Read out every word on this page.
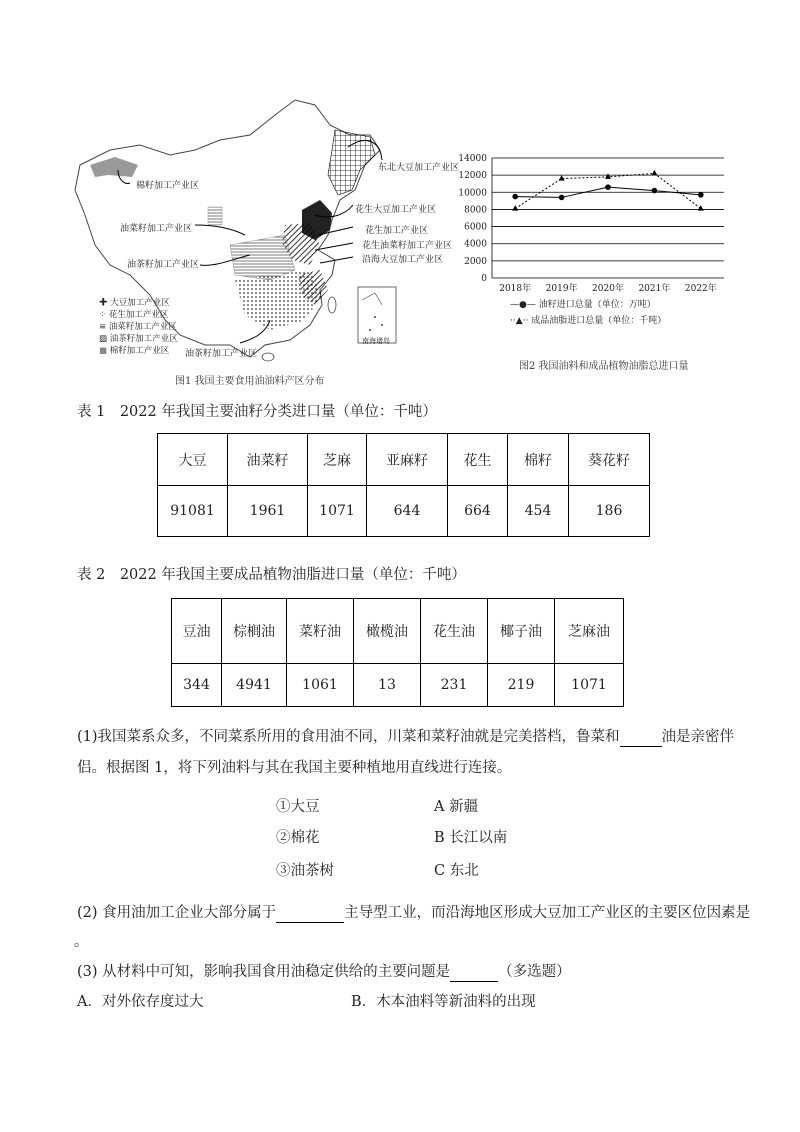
棉籽加工产业区
东北大豆加工产业区
花生大豆加工产业区
油菜籽加工产业区	花生加工产业区
花生油菜籽加工产业区
沿海大豆加工产业区
油茶籽加工产业区
油茶籽加工产业区
南海诸岛
✚ 大豆加工产业区
⁘ 花生加工产业区
≡ 油菜籽加工产业区
▨ 油茶籽加工产业区
■ 棉籽加工产业区
图1 我国主要食用油油料产区分布
0
2000
4000
6000
8000
10000
12000
14000
2018年 2019年 2020年 2021年 2022年
—●— 油籽进口总量（单位：万吨）
··▲·· 成品油脂进口总量（单位：千吨）
图2 我国油料和成品植物油脂总进口量
表 1　2022 年我国主要油籽分类进口量（单位：千吨）
大豆	油菜籽	芝麻	亚麻籽	花生	棉籽	葵花籽
91081	1961	1071	644	664	454	186
表 2　2022 年我国主要成品植物油脂进口量（单位：千吨）
豆油	棕榈油	菜籽油	橄榄油	花生油	椰子油	芝麻油
344	4941	1061	13	231	219	1071
(1)我国菜系众多，不同菜系所用的食用油不同，川菜和菜籽油就是完美搭档，鲁菜和	油是亲密伴
侣。根据图 1，将下列油料与其在我国主要种植地用直线进行连接。
①大豆
②棉花
③油茶树
A 新疆
B 长江以南
C 东北
(2) 食用油加工企业大部分属于	主导型工业，而沿海地区形成大豆加工产业区的主要区位因素是
。
(3) 从材料中可知，影响我国食用油稳定供给的主要问题是	（多选题）
A．对外依存度过大	B．木本油料等新油料的出现
